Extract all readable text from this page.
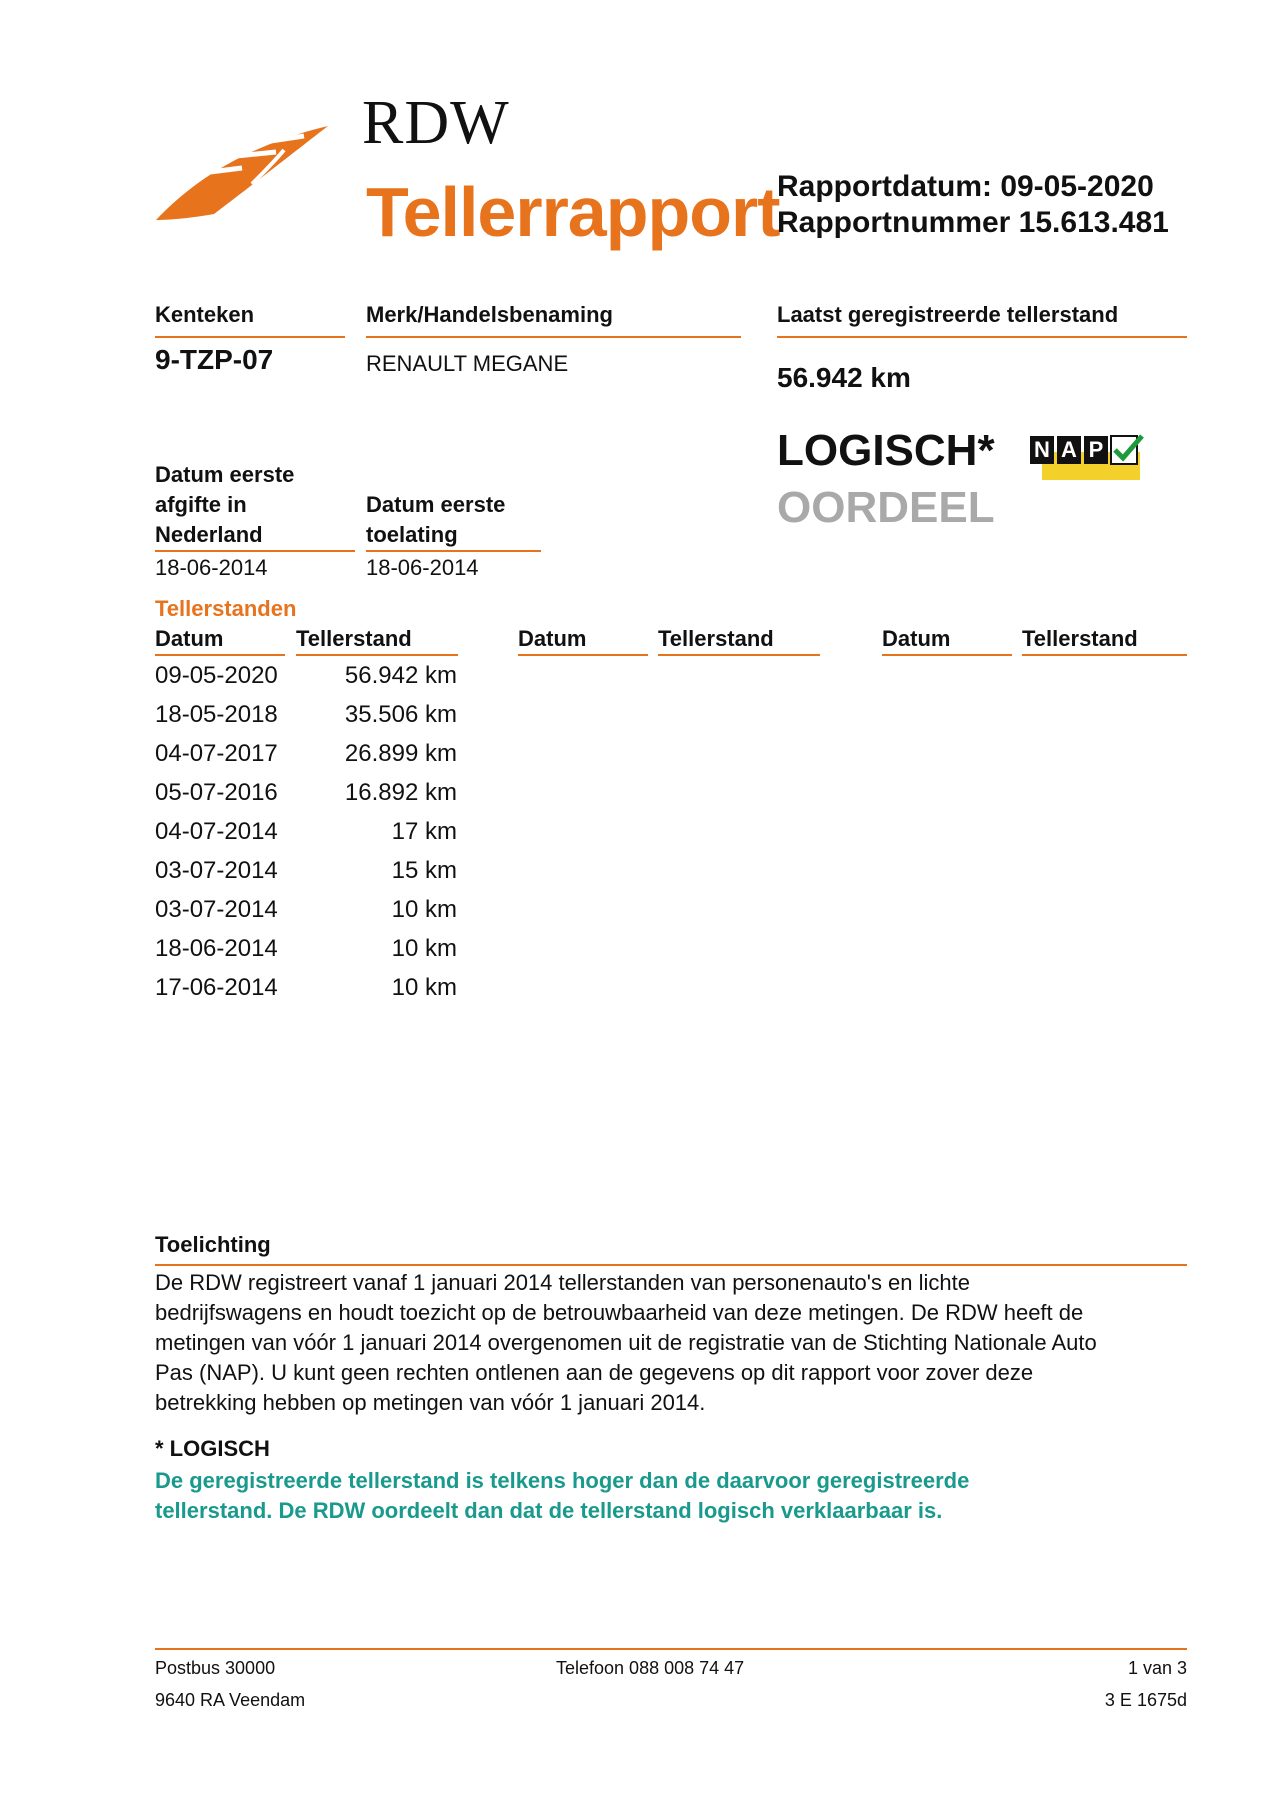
RDW
Tellerrapport
Rapportdatum: 09-05-2020
Rapportnummer 15.613.481
Kenteken
9-TZP-07
Merk/Handelsbenaming
RENAULT MEGANE
Laatst geregistreerde tellerstand
56.942 km
LOGISCH*
OORDEEL
N A P
Datum eerste
afgifte in
Nederland
18-06-2014
Datum eerste
toelating
18-06-2014
Tellerstanden
Datum	Tellerstand	Datum	Tellerstand	Datum	Tellerstand
09-05-2020	56.942 km
18-05-2018	35.506 km
04-07-2017	26.899 km
05-07-2016	16.892 km
04-07-2014	17 km
03-07-2014	15 km
03-07-2014	10 km
18-06-2014	10 km
17-06-2014	10 km
Toelichting
De RDW registreert vanaf 1 januari 2014 tellerstanden van personenauto's en lichte
bedrijfswagens en houdt toezicht op de betrouwbaarheid van deze metingen. De RDW heeft de
metingen van vóór 1 januari 2014 overgenomen uit de registratie van de Stichting Nationale Auto
Pas (NAP). U kunt geen rechten ontlenen aan de gegevens op dit rapport voor zover deze
betrekking hebben op metingen van vóór 1 januari 2014.
* LOGISCH
De geregistreerde tellerstand is telkens hoger dan de daarvoor geregistreerde
tellerstand. De RDW oordeelt dan dat de tellerstand logisch verklaarbaar is.
Postbus 30000
9640 RA Veendam
Telefoon 088 008 74 47	1 van 3
3 E 1675d
